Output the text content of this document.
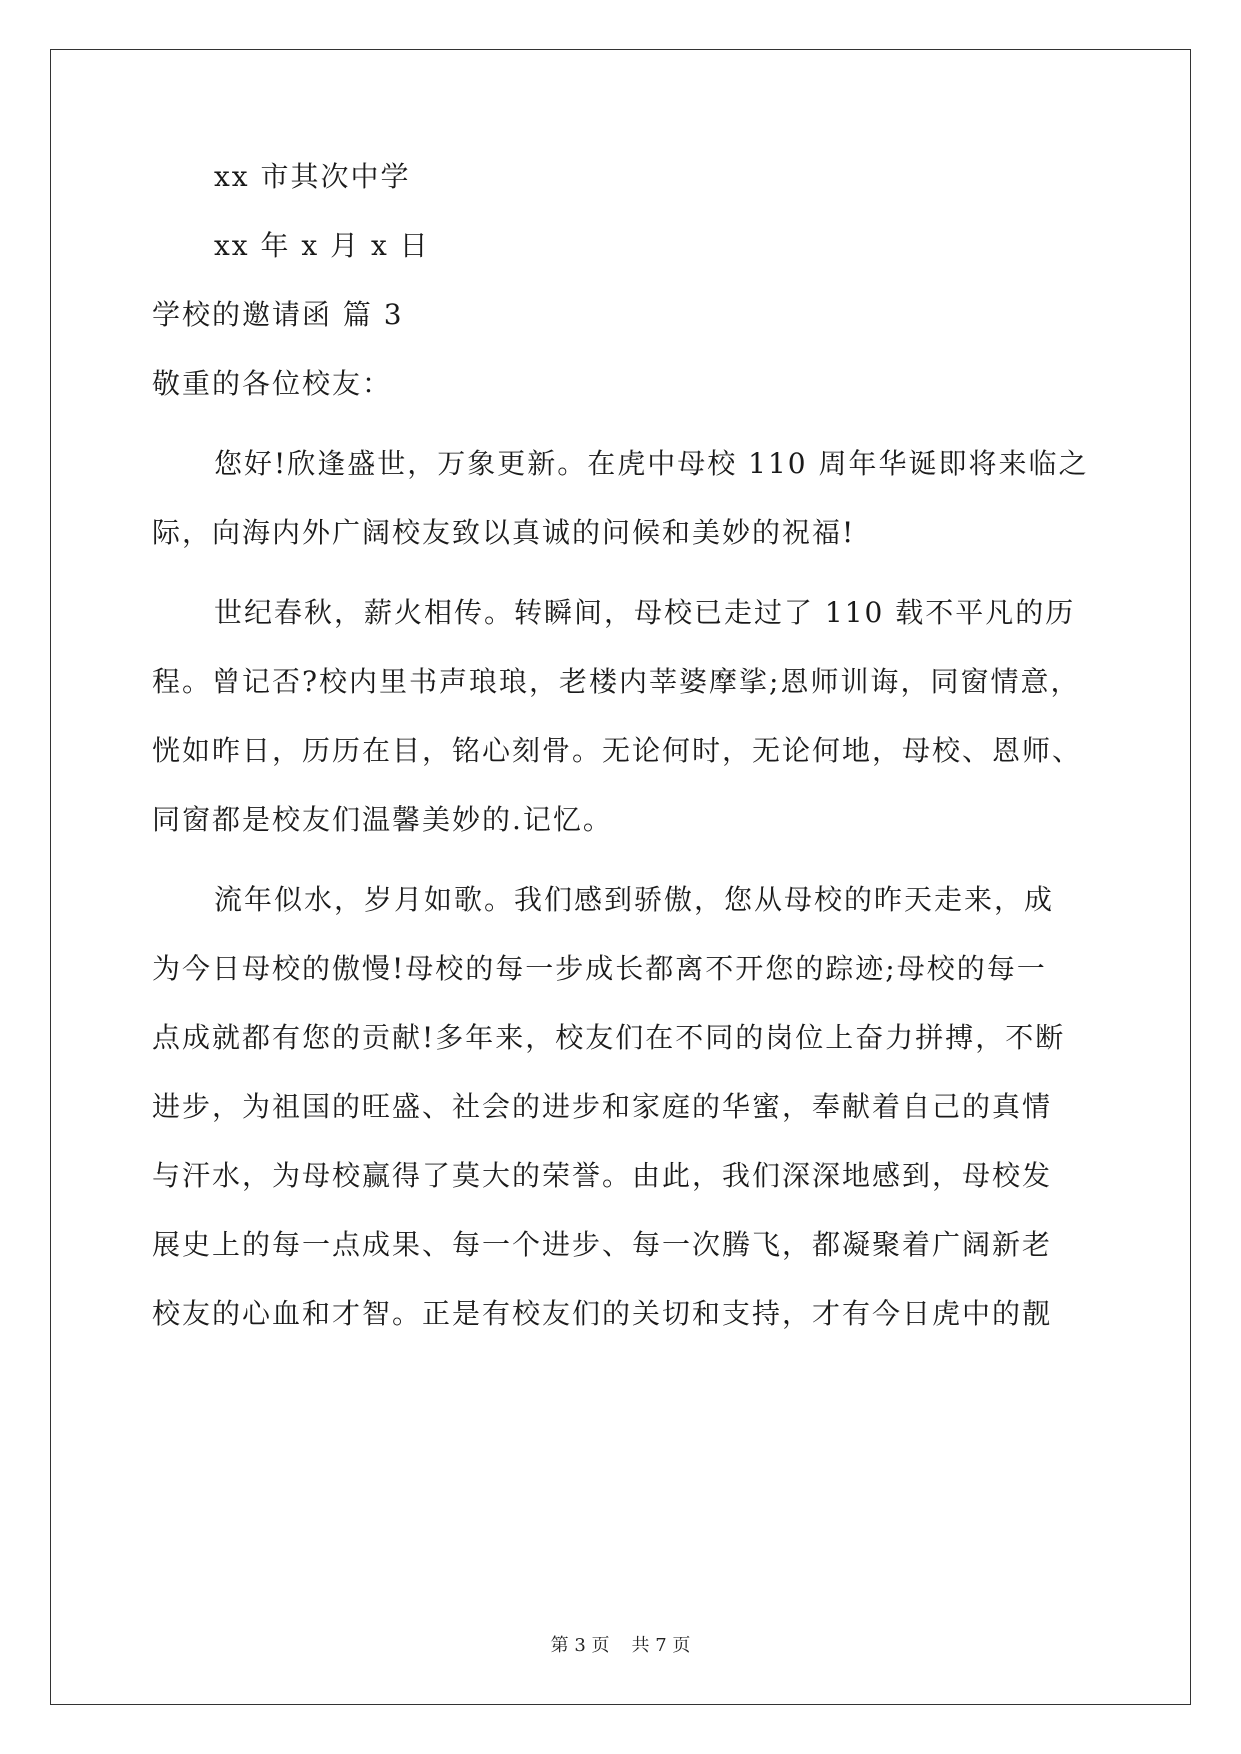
xx 市其次中学
xx 年 x 月 x 日
学校的邀请函 篇 3
敬重的各位校友：
您好!欣逢盛世，万象更新。在虎中母校 110 周年华诞即将来临之
际，向海内外广阔校友致以真诚的问候和美妙的祝福!
世纪春秋，薪火相传。转瞬间，母校已走过了 110 载不平凡的历
程。曾记否?校内里书声琅琅，老楼内莘婆摩挲;恩师训诲，同窗情意，
恍如昨日，历历在目，铭心刻骨。无论何时，无论何地，母校、恩师、
同窗都是校友们温馨美妙的.记忆。
流年似水，岁月如歌。我们感到骄傲，您从母校的昨天走来，成
为今日母校的傲慢!母校的每一步成长都离不开您的踪迹;母校的每一
点成就都有您的贡献!多年来，校友们在不同的岗位上奋力拼搏，不断
进步，为祖国的旺盛、社会的进步和家庭的华蜜，奉献着自己的真情
与汗水，为母校赢得了莫大的荣誉。由此，我们深深地感到，母校发
展史上的每一点成果、每一个进步、每一次腾飞，都凝聚着广阔新老
校友的心血和才智。正是有校友们的关切和支持，才有今日虎中的靓
第 3 页 共 7 页
